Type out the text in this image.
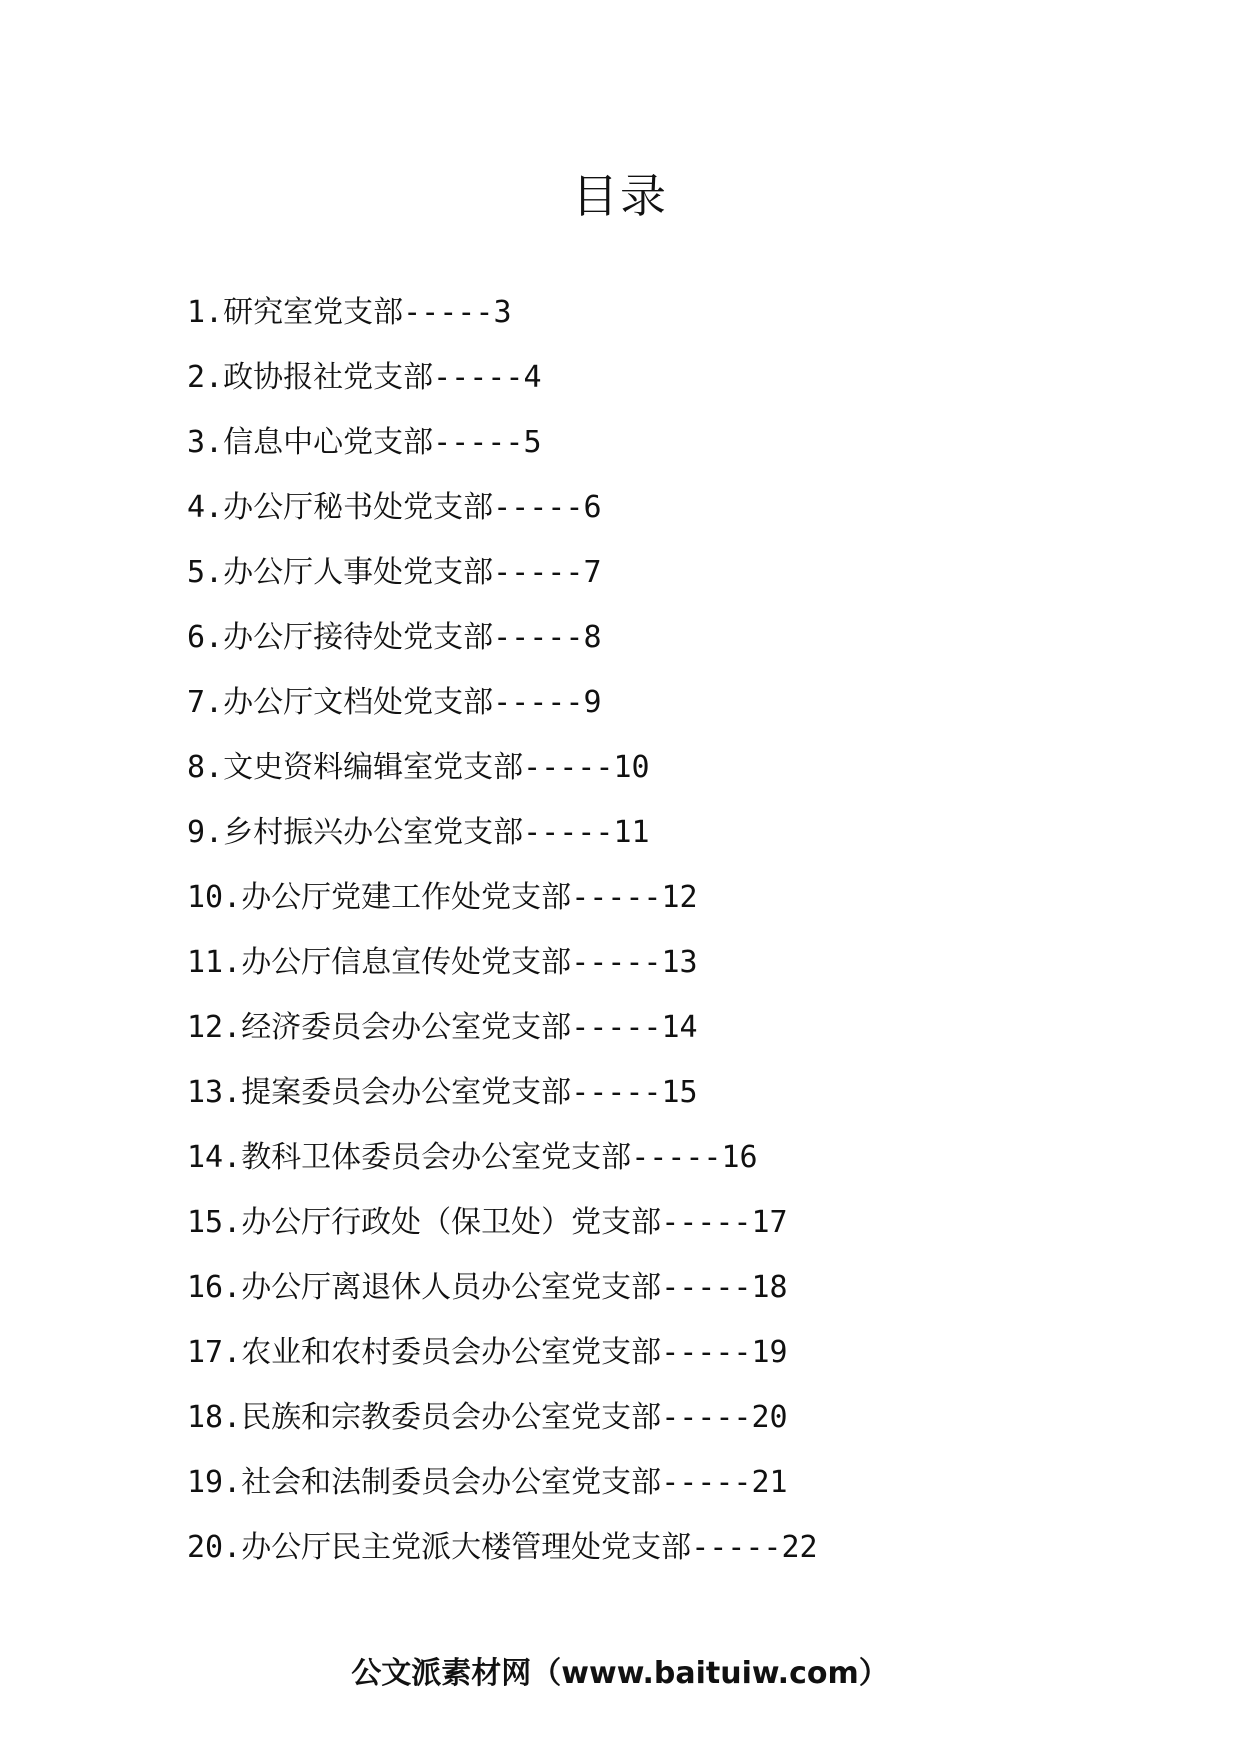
目录
1.研究室党支部-----3
2.政协报社党支部-----4
3.信息中心党支部-----5
4.办公厅秘书处党支部-----6
5.办公厅人事处党支部-----7
6.办公厅接待处党支部-----8
7.办公厅文档处党支部-----9
8.文史资料编辑室党支部-----10
9.乡村振兴办公室党支部-----11
10.办公厅党建工作处党支部-----12
11.办公厅信息宣传处党支部-----13
12.经济委员会办公室党支部-----14
13.提案委员会办公室党支部-----15
14.教科卫体委员会办公室党支部-----16
15.办公厅行政处（保卫处）党支部-----17
16.办公厅离退休人员办公室党支部-----18
17.农业和农村委员会办公室党支部-----19
18.民族和宗教委员会办公室党支部-----20
19.社会和法制委员会办公室党支部-----21
20.办公厅民主党派大楼管理处党支部-----22

公文派素材网（www.baituiw.com）
